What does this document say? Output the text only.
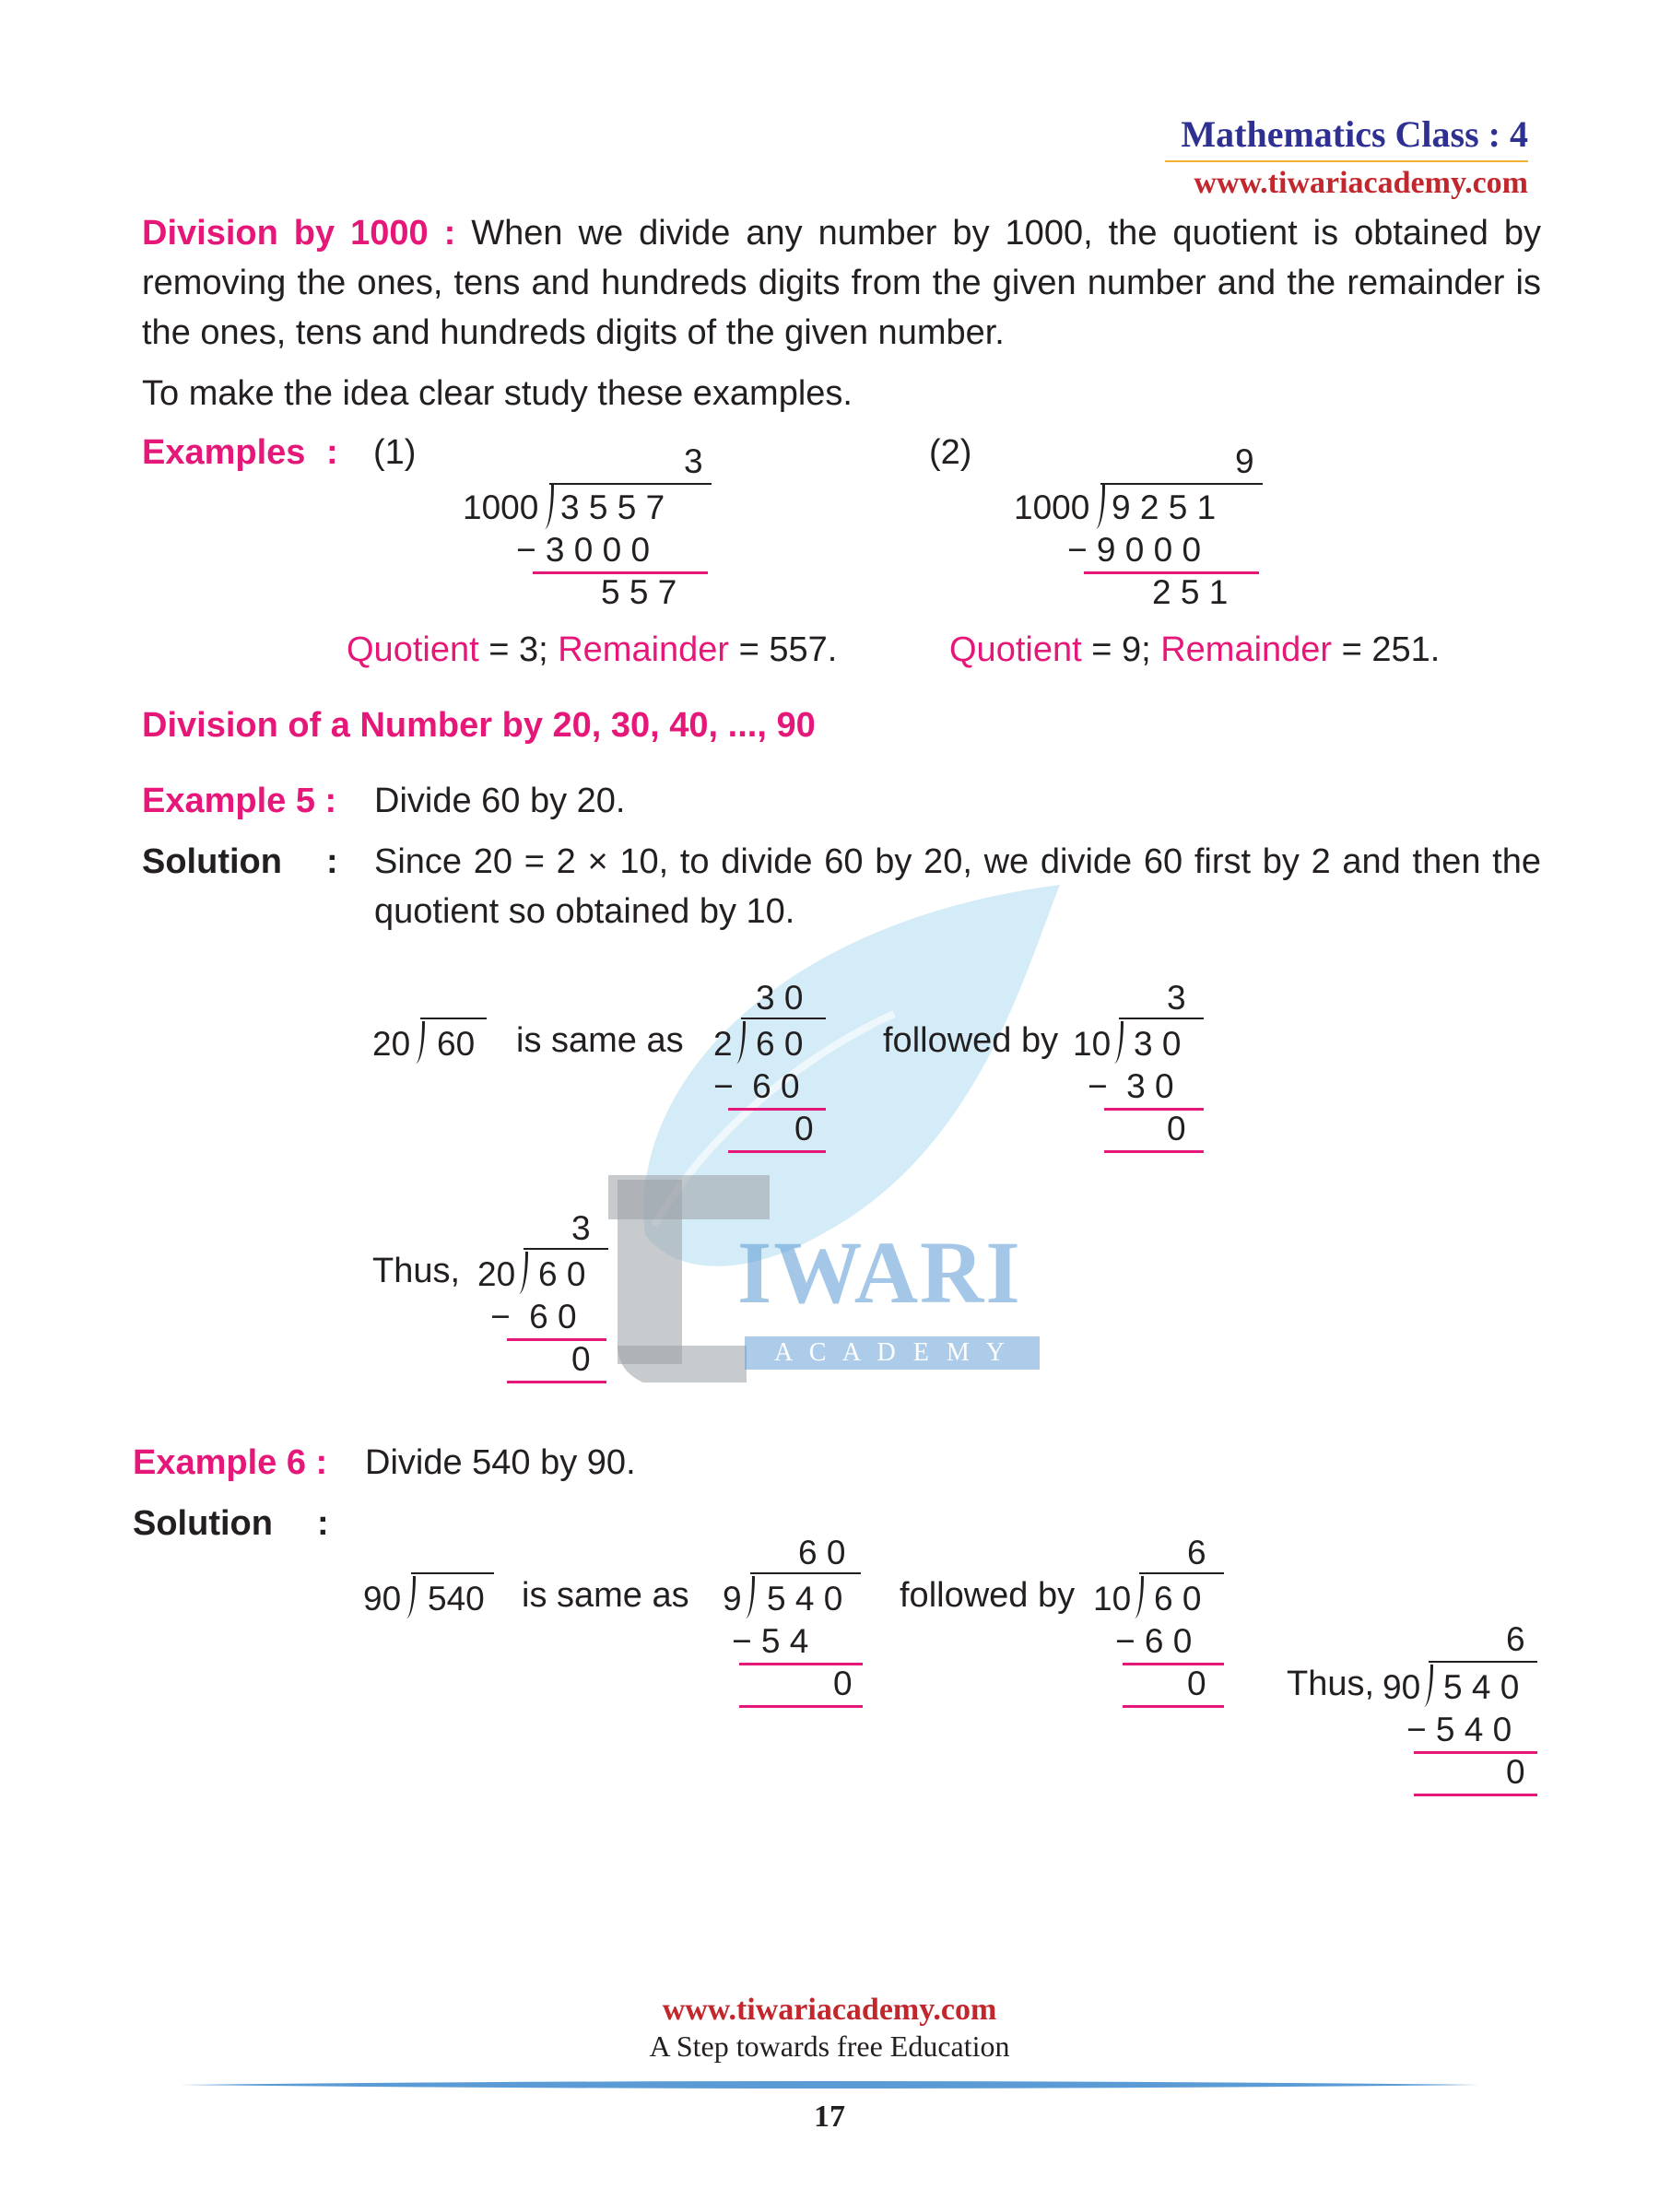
IWARI
A C A D E M Y
Mathematics Class : 4
www.tiwariacademy.com
Division by 1000 : When we divide any number by 1000, the quotient is obtained by removing the ones, tens and hundreds digits from the given number and the remainder is the ones, tens and hundreds digits of the given number.
To make the idea clear study these examples.
Examples : (1)	3
1000 3 5 5 7
− 3 0 0 0
5 5 7
Quotient = 3; Remainder = 557.
(2)	9
1000 9 2 5 1
− 9 0 0 0
2 5 1
Quotient = 9; Remainder = 251.
Division of a Number by 20, 30, 40, ..., 90
Example 5 : Divide 60 by 20.
Solution : Since 20 = 2 × 10, to divide 60 by 20, we divide 60 first by 2 and then the quotient so obtained by 10.
20 60 is same as
3 0
2 6 0
−  6 0
0
followed by
3
10 3 0
−  3 0
0
Thus,
3
20 6 0
−  6 0
0
Example 6 : Divide 540 by 90.
Solution :
90 540 is same as
6 0
9 5 4 0
− 5 4
0
followed by
6
10 6 0
− 6 0
0 Thus,
6
90 5 4 0
− 5 4 0
0
www.tiwariacademy.com
A Step towards free Education
17
